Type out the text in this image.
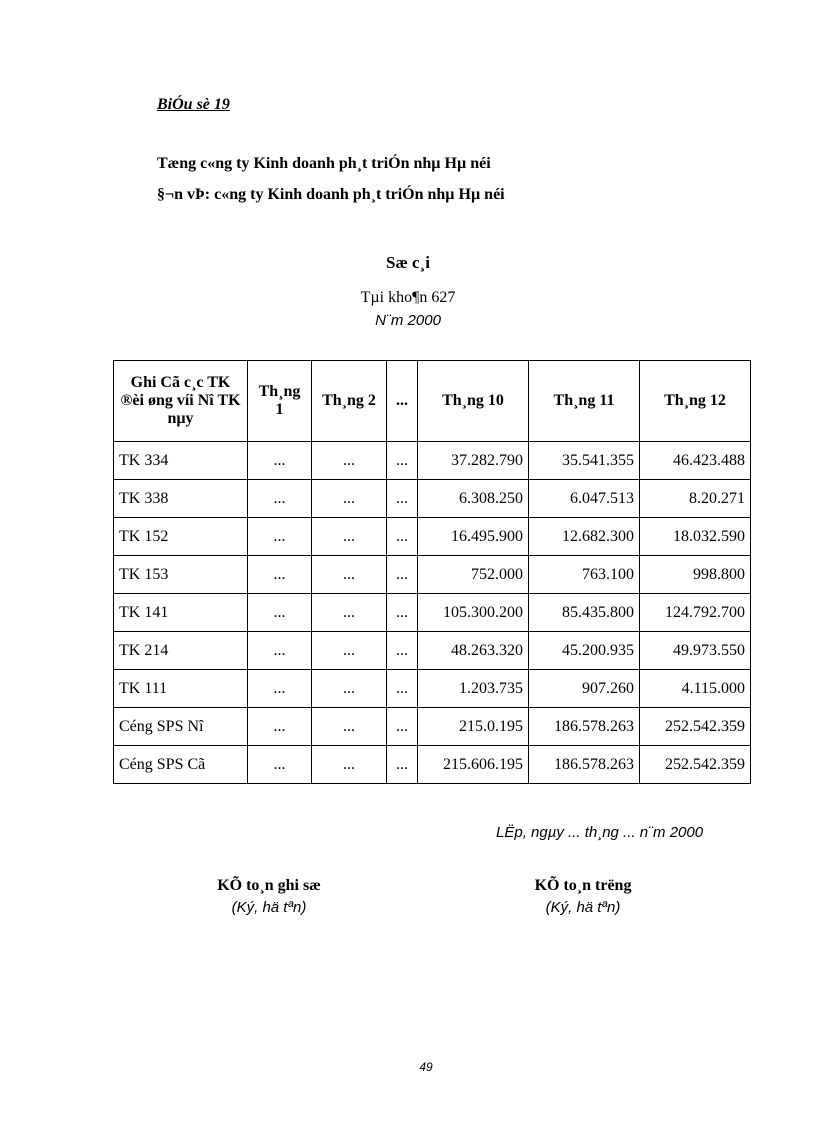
BiÓu sè 19
Tæng c«ng ty Kinh doanh ph¸t triÓn nhµ Hµ néi
§¬n vÞ: c«ng ty Kinh doanh ph¸t triÓn nhµ Hµ néi
Sæ c¸i
Tµi kho¶n 627
N¨m 2000
Ghi Cã c¸c TK ®èi øng víi Nî TK nµy	Th¸ng 1	Th¸ng 2	...	Th¸ng 10	Th¸ng 11	Th¸ng 12
TK 334	...	...	...	37.282.790	35.541.355	46.423.488
TK 338	...	...	...	6.308.250	6.047.513	8.20.271
TK 152	...	...	...	16.495.900	12.682.300	18.032.590
TK 153	...	...	...	752.000	763.100	998.800
TK 141	...	...	...	105.300.200	85.435.800	124.792.700
TK 214	...	...	...	48.263.320	45.200.935	49.973.550
TK 111	...	...	...	1.203.735	907.260	4.115.000
Céng SPS Nî	...	...	...	215.0.195	186.578.263	252.542.359
Céng SPS Cã	...	...	...	215.606.195	186.578.263	252.542.359
LËp, ngµy ... th¸ng ... n¨m 2000
KÕ to¸n ghi sæ
(Ký, hä tªn)
KÕ to¸n trëng
(Ký, hä tªn)
49
